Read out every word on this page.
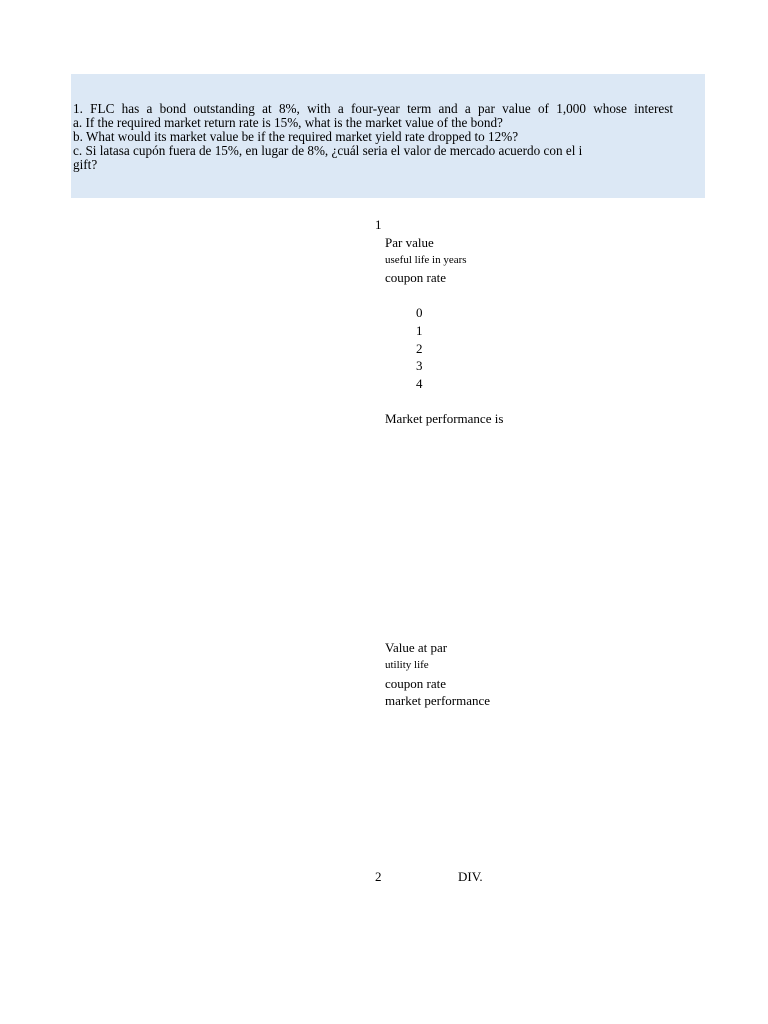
1. FLC has a bond outstanding at 8%, with a four-year term and a par value of 1,000 whose interest
a. If the required market return rate is 15%, what is the market value of the bond?
b. What would its market value be if the required market yield rate dropped to 12%?
c. Si latasa cupón fuera de 15%, en lugar de 8%, ¿cuál seria el valor de mercado acuerdo con el i
gift?
1
Par value
useful life in years
coupon rate
0
1
2
3
4
Market performance is
Value at par
utility life
coupon rate
market performance
2	DIV.
